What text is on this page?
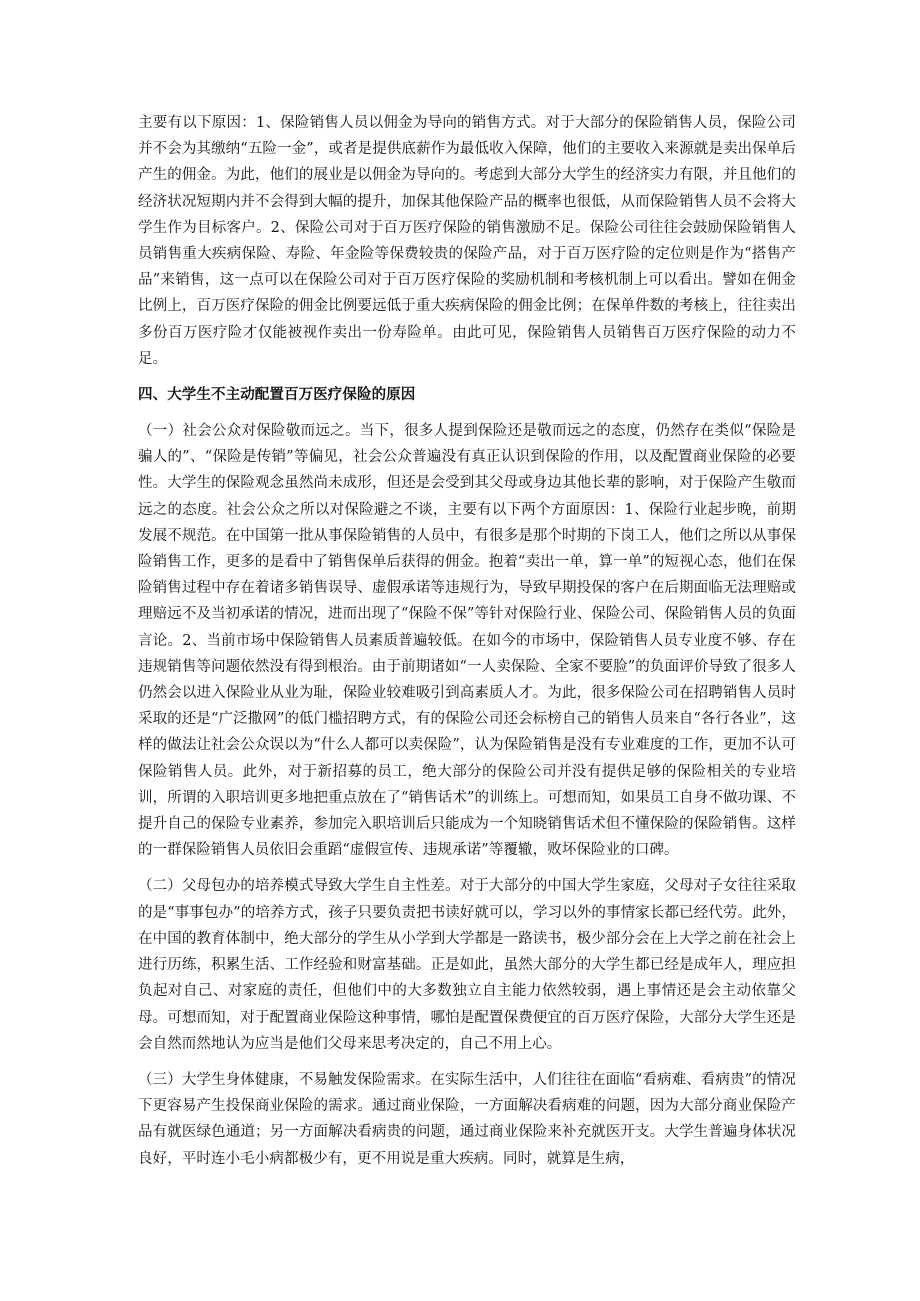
主要有以下原因：1、保险销售人员以佣金为导向的销售方式。对于大部分的保险销售人员，保险公司并不会为其缴纳“五险一金”，或者是提供底薪作为最低收入保障，他们的主要收入来源就是卖出保单后产生的佣金。为此，他们的展业是以佣金为导向的。考虑到大部分大学生的经济实力有限，并且他们的经济状况短期内并不会得到大幅的提升，加保其他保险产品的概率也很低，从而保险销售人员不会将大学生作为目标客户。2、保险公司对于百万医疗保险的销售激励不足。保险公司往往会鼓励保险销售人员销售重大疾病保险、寿险、年金险等保费较贵的保险产品，对于百万医疗险的定位则是作为“搭售产品”来销售，这一点可以在保险公司对于百万医疗保险的奖励机制和考核机制上可以看出。譬如在佣金比例上，百万医疗保险的佣金比例要远低于重大疾病保险的佣金比例；在保单件数的考核上，往往卖出多份百万医疗险才仅能被视作卖出一份寿险单。由此可见，保险销售人员销售百万医疗保险的动力不足。

四、大学生不主动配置百万医疗保险的原因

（一）社会公众对保险敬而远之。当下，很多人提到保险还是敬而远之的态度，仍然存在类似“保险是骗人的”、“保险是传销”等偏见，社会公众普遍没有真正认识到保险的作用，以及配置商业保险的必要性。大学生的保险观念虽然尚未成形，但还是会受到其父母或身边其他长辈的影响，对于保险产生敬而远之的态度。社会公众之所以对保险避之不谈，主要有以下两个方面原因：1、保险行业起步晚，前期发展不规范。在中国第一批从事保险销售的人员中，有很多是那个时期的下岗工人，他们之所以从事保险销售工作，更多的是看中了销售保单后获得的佣金。抱着“卖出一单，算一单”的短视心态，他们在保险销售过程中存在着诸多销售误导、虚假承诺等违规行为，导致早期投保的客户在后期面临无法理赔或理赔远不及当初承诺的情况，进而出现了“保险不保”等针对保险行业、保险公司、保险销售人员的负面言论。2、当前市场中保险销售人员素质普遍较低。在如今的市场中，保险销售人员专业度不够、存在违规销售等问题依然没有得到根治。由于前期诸如“一人卖保险、全家不要脸”的负面评价导致了很多人仍然会以进入保险业从业为耻，保险业较难吸引到高素质人才。为此，很多保险公司在招聘销售人员时采取的还是“广泛撒网”的低门槛招聘方式，有的保险公司还会标榜自己的销售人员来自“各行各业”，这样的做法让社会公众误以为“什么人都可以卖保险”，认为保险销售是没有专业难度的工作，更加不认可保险销售人员。此外，对于新招募的员工，绝大部分的保险公司并没有提供足够的保险相关的专业培训，所谓的入职培训更多地把重点放在了“销售话术”的训练上。可想而知，如果员工自身不做功课、不提升自己的保险专业素养，参加完入职培训后只能成为一个知晓销售话术但不懂保险的保险销售。这样的一群保险销售人员依旧会重蹈“虚假宣传、违规承诺”等覆辙，败坏保险业的口碑。

（二）父母包办的培养模式导致大学生自主性差。对于大部分的中国大学生家庭，父母对子女往往采取的是“事事包办”的培养方式，孩子只要负责把书读好就可以，学习以外的事情家长都已经代劳。此外，在中国的教育体制中，绝大部分的学生从小学到大学都是一路读书，极少部分会在上大学之前在社会上进行历练，积累生活、工作经验和财富基础。正是如此，虽然大部分的大学生都已经是成年人，理应担负起对自己、对家庭的责任，但他们中的大多数独立自主能力依然较弱，遇上事情还是会主动依靠父母。可想而知，对于配置商业保险这种事情，哪怕是配置保费便宜的百万医疗保险，大部分大学生还是会自然而然地认为应当是他们父母来思考决定的，自己不用上心。

（三）大学生身体健康，不易触发保险需求。在实际生活中，人们往往在面临“看病难、看病贵”的情况下更容易产生投保商业保险的需求。通过商业保险，一方面解决看病难的问题，因为大部分商业保险产品有就医绿色通道；另一方面解决看病贵的问题，通过商业保险来补充就医开支。大学生普遍身体状况良好，平时连小毛小病都极少有，更不用说是重大疾病。同时，就算是生病，
